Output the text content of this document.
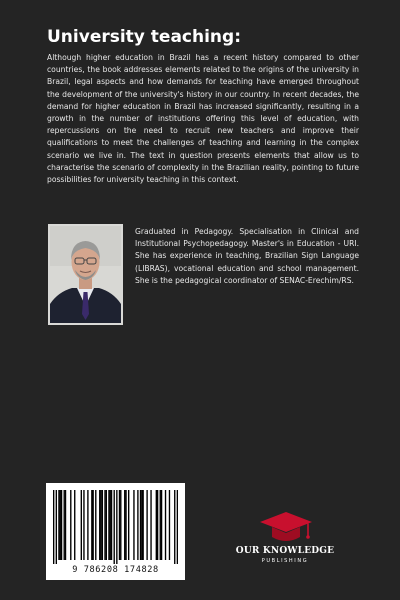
University teaching:

Although higher education in Brazil has a recent history compared to other countries, the book addresses elements related to the origins of the university in Brazil, legal aspects and how demands for teaching have emerged throughout the development of the university's history in our country. In recent decades, the demand for higher education in Brazil has increased significantly, resulting in a growth in the number of institutions offering this level of education, with repercussions on the need to recruit new teachers and improve their qualifications to meet the challenges of teaching and learning in the complex scenario we live in. The text in question presents elements that allow us to characterise the scenario of complexity in the Brazilian reality, pointing to future possibilities for university teaching in this context.

Graduated in Pedagogy. Specialisation in Clinical and Institutional Psychopedagogy. Master's in Education - URI. She has experience in teaching, Brazilian Sign Language (LIBRAS), vocational education and school management. She is the pedagogical coordinator of SENAC-Erechim/RS.

9 786208 174828
OUR KNOWLEDGE
PUBLISHING
